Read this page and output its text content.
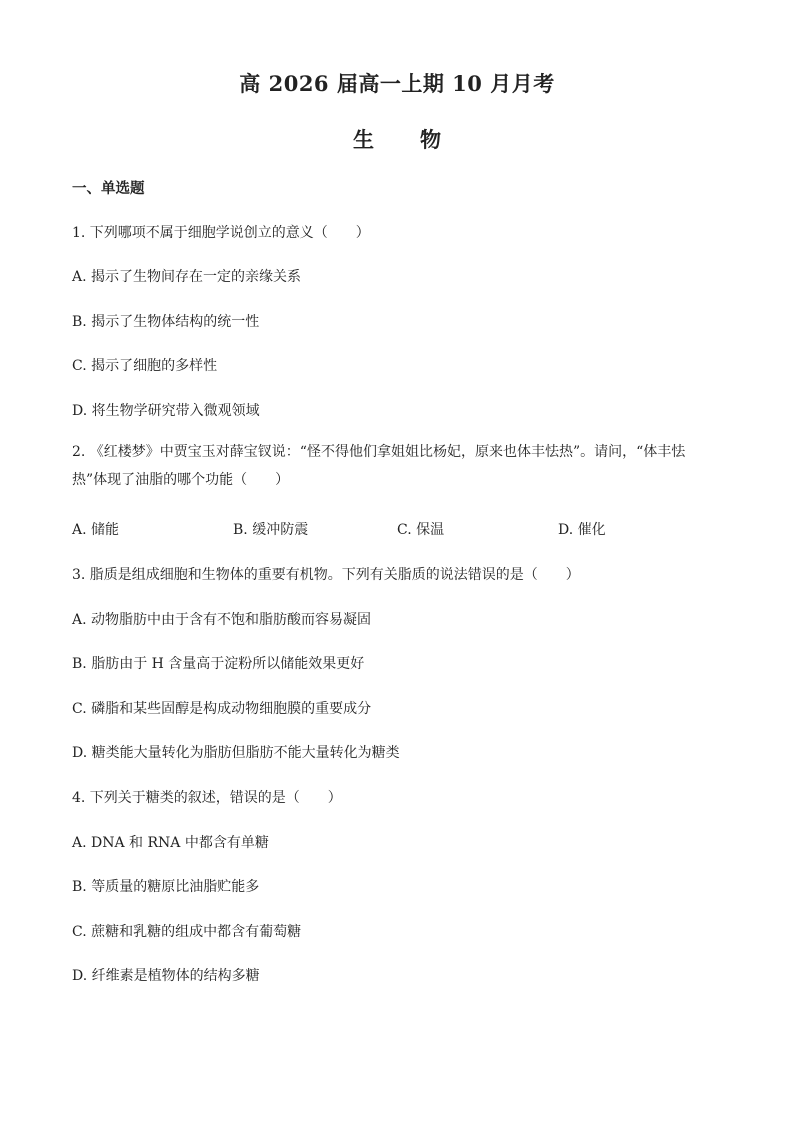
高 2026 届高一上期 10 月月考
生 物
一、单选题
1. 下列哪项不属于细胞学说创立的意义（　　）
A. 揭示了生物间存在一定的亲缘关系
B. 揭示了生物体结构的统一性
C. 揭示了细胞的多样性
D. 将生物学研究带入微观领域
2. 《红楼梦》中贾宝玉对薛宝钗说：“怪不得他们拿姐姐比杨妃，原来也体丰怯热”。请问，“体丰怯热”体现了油脂的哪个功能（　　）
A. 储能	B. 缓冲防震	C. 保温	D. 催化
3. 脂质是组成细胞和生物体的重要有机物。下列有关脂质的说法错误的是（　　）
A. 动物脂肪中由于含有不饱和脂肪酸而容易凝固
B. 脂肪由于 H 含量高于淀粉所以储能效果更好
C. 磷脂和某些固醇是构成动物细胞膜的重要成分
D. 糖类能大量转化为脂肪但脂肪不能大量转化为糖类
4. 下列关于糖类的叙述，错误的是（　　）
A. DNA 和 RNA 中都含有单糖
B. 等质量的糖原比油脂贮能多
C. 蔗糖和乳糖的组成中都含有葡萄糖
D. 纤维素是植物体的结构多糖
